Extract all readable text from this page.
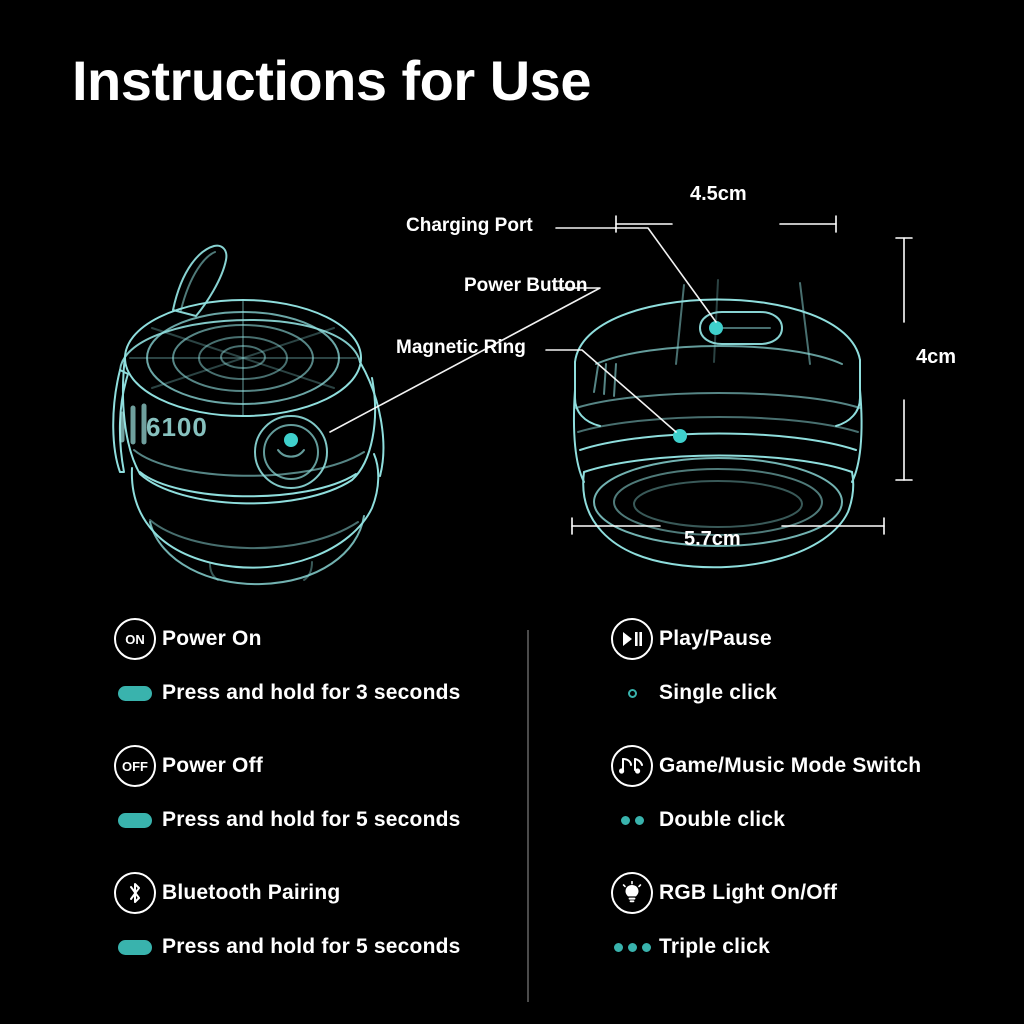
Instructions for Use
6100
Charging Port
Power Button
Magnetic Ring
4.5cm
4cm
5.7cm
ON Power On
Press and hold for 3 seconds
OFF Power Off
Press and hold for 5 seconds
Bluetooth Pairing
Press and hold for 5 seconds
Play/Pause
Single click
Game/Music Mode Switch
Double click
RGB Light On/Off
Triple click
